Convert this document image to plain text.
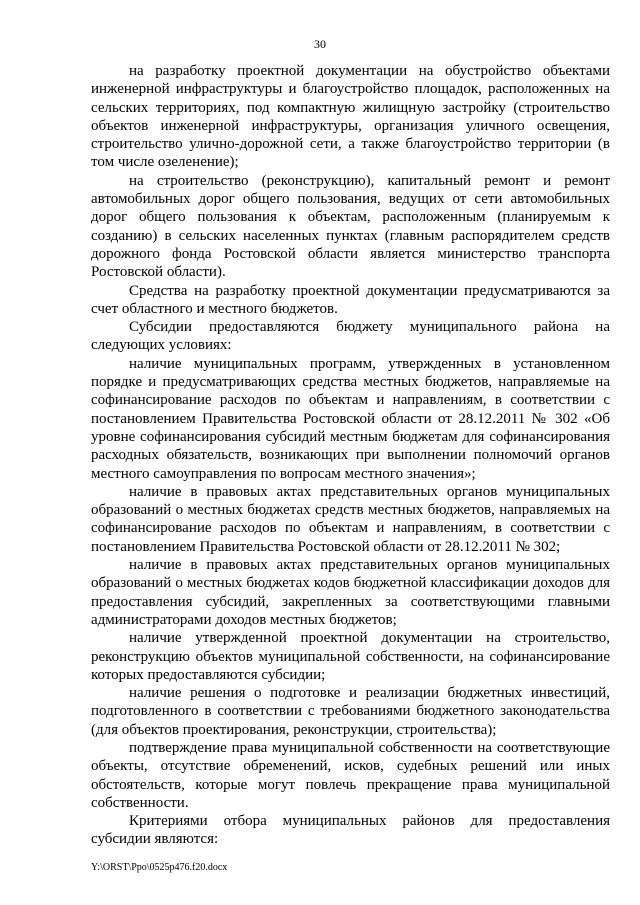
30

на разработку проектной документации на обустройство объектами инженерной инфраструктуры и благоустройство площадок, расположенных на сельских территориях, под компактную жилищную застройку (строительство объектов инженерной инфраструктуры, организация уличного освещения, строительство улично-дорожной сети, а также благоустройство территории (в том числе озеленение);

на строительство (реконструкцию), капитальный ремонт и ремонт автомобильных дорог общего пользования, ведущих от сети автомобильных дорог общего пользования к объектам, расположенным (планируемым к созданию) в сельских населенных пунктах (главным распорядителем средств дорожного фонда Ростовской области является министерство транспорта Ростовской области).

Средства на разработку проектной документации предусматриваются за счет областного и местного бюджетов.

Субсидии предоставляются бюджету муниципального района на следующих условиях:

наличие муниципальных программ, утвержденных в установленном порядке и предусматривающих средства местных бюджетов, направляемые на софинансирование расходов по объектам и направлениям, в соответствии с постановлением Правительства Ростовской области от 28.12.2011 № 302 «Об уровне софинансирования субсидий местным бюджетам для софинансирования расходных обязательств, возникающих при выполнении полномочий органов местного самоуправления по вопросам местного значения»;

наличие в правовых актах представительных органов муниципальных образований о местных бюджетах средств местных бюджетов, направляемых на софинансирование расходов по объектам и направлениям, в соответствии с постановлением Правительства Ростовской области от 28.12.2011 № 302;

наличие в правовых актах представительных органов муниципальных образований о местных бюджетах кодов бюджетной классификации доходов для предоставления субсидий, закрепленных за соответствующими главными администраторами доходов местных бюджетов;

наличие утвержденной проектной документации на строительство, реконструкцию объектов муниципальной собственности, на софинансирование которых предоставляются субсидии;

наличие решения о подготовке и реализации бюджетных инвестиций, подготовленного в соответствии с требованиями бюджетного законодательства (для объектов проектирования, реконструкции, строительства);

подтверждение права муниципальной собственности на соответствующие объекты, отсутствие обременений, исков, судебных решений или иных обстоятельств, которые могут повлечь прекращение права муниципальной собственности.

Критериями отбора муниципальных районов для предоставления субсидии являются:

Y:\ORST\Ppo\0525p476.f20.docx
